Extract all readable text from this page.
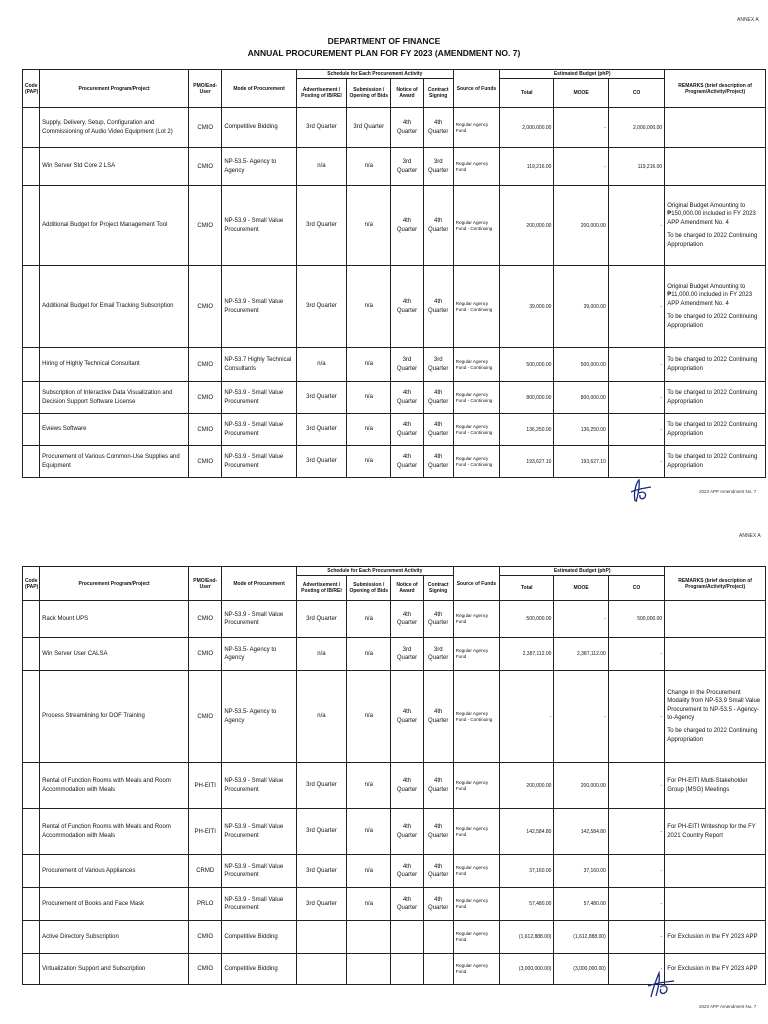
ANNEX A
DEPARTMENT OF FINANCE
ANNUAL PROCUREMENT PLAN FOR FY 2023 (AMENDMENT NO. 7)
Code (PAP)	Procurement Program/Project	PMO/End-User	Mode of Procurement	Schedule for Each Procurement Activity				Source of Funds	Estimated Budget (phP)			REMARKS (brief description of Program/Activity/Project)
				Advertisement / Posting of IB/REI	Submission / Opening of Bids	Notice of Award	Contract Signing		Total	MOOE	CO	
	Supply, Delivery, Setup, Configuration and Commissioning of Audio Video Equipment (Lot 2)	CMIO	Competitive Bidding	3rd Quarter	3rd Quarter	4th Quarter	4th Quarter	Regular Agency Fund	2,000,000.00	-	2,000,000.00	
	Win Server Std Core 2 LSA	CMIO	NP-53.5- Agency to Agency	n/a	n/a	3rd Quarter	3rd Quarter	Regular Agency Fund	119,216.00	-	119,216.00	
	Additional Budget for Project Management Tool	CMIO	NP-53.9 - Small Value Procurement	3rd Quarter	n/a	4th Quarter	4th Quarter	Regular Agency Fund - Continuing	200,000.00	200,000.00	-	Original Budget Amounting to ₱150,000.00 included in FY 2023 APP Amendment No. 4
To be charged to 2022 Continuing Appropriation

	Additional Budget for Email Tracking Subscription	CMIO	NP-53.9 - Small Value Procurement	3rd Quarter	n/a	4th Quarter	4th Quarter	Regular Agency Fund - Continuing	39,000.00	39,000.00	-	Original Budget Amounting to ₱11,000.00 included in FY 2023 APP Amendment No. 4
To be charged to 2022 Continuing Appropriation

	Hiring of Highly Technical Consultant	CMIO	NP-53.7 Highly Technical Consultants	n/a	n/a	3rd Quarter	3rd Quarter	Regular Agency Fund - Continuing	500,000.00	500,000.00	-	To be charged to 2022 Continuing Appropriation

	Subscription of Interactive Data Visualization and Decision Support Software License	CMIO	NP-53.9 - Small Value Procurement	3rd Quarter	n/a	4th Quarter	4th Quarter	Regular Agency Fund - Continuing	800,000.00	800,000.00	-	To be charged to 2022 Continuing Appropriation

	Eviews Software	CMIO	NP-53.9 - Small Value Procurement	3rd Quarter	n/a	4th Quarter	4th Quarter	Regular Agency Fund - Continuing	136,250.00	136,250.00	-	To be charged to 2022 Continuing Appropriation

	Procurement of Various Common-Use Supplies and Equipment	CMIO	NP-53.9 - Small Value Procurement	3rd Quarter	n/a	4th Quarter	4th Quarter	Regular Agency Fund - Continuing	193,627.10	193,627.10	-	To be charged to 2022 Continuing Appropriation
2023 APP Amendment No. 7
ANNEX A
Code (PAP)	Procurement Program/Project	PMO/End-User	Mode of Procurement	Schedule for Each Procurement Activity				Source of Funds	Estimated Budget (phP)			REMARKS (brief description of Program/Activity/Project)
				Advertisement / Posting of IB/REI	Submission / Opening of Bids	Notice of Award	Contract Signing		Total	MOOE	CO	
	Rack Mount UPS	CMIO	NP-53.9 - Small Value Procurement	3rd Quarter	n/a	4th Quarter	4th Quarter	Regular Agency Fund	500,000.00	-	500,000.00	
	Win Server User CALSA	CMIO	NP-53.5- Agency to Agency	n/a	n/a	3rd Quarter	3rd Quarter	Regular Agency Fund	2,387,112.00	2,387,112.00	-	
	Process Streamlining for DOF Training	CMIO	NP-53.5- Agency to Agency	n/a	n/a	4th Quarter	4th Quarter	Regular Agency Fund - Continuing	-	-	-	Change in the Procurement Modality from NP-53.9 Small Value Procurement to NP-53.5 - Agency-to-Agency
To be charged to 2022 Continuing Appropriation

	Rental of Function Rooms with Meals and Room Accommodation with Meals	PH-EITI	NP-53.9 - Small Value Procurement	3rd Quarter	n/a	4th Quarter	4th Quarter	Regular Agency Fund	200,000.00	200,000.00	-	For PH-EITI Multi-Stakeholder Group (MSG) Meetings

	Rental of Function Rooms with Meals and Room Accommodation with Meals	PH-EITI	NP-53.9 - Small Value Procurement	3rd Quarter	n/a	4th Quarter	4th Quarter	Regular Agency Fund	142,584.80	142,584.80	-	For PH-EITI Writeshop for the FY 2021 Country Report

	Procurement of Various Appliances	CRMD	NP-53.9 - Small Value Procurement	3rd Quarter	n/a	4th Quarter	4th Quarter	Regular Agency Fund	37,160.00	37,160.00	-	
	Procurement of Books and Face Mask	PRLO	NP-53.9 - Small Value Procurement	3rd Quarter	n/a	4th Quarter	4th Quarter	Regular Agency Fund	57,480.00	57,480.00	-	
	Active Directory Subscription	CMIO	Competitive Bidding					Regular Agency Fund	(1,612,888.00)	(1,612,888.00)	-	For Exclusion in the FY 2023 APP

	Virtualization Support and Subscription	CMIO	Competitive Bidding					Regular Agency Fund	(3,000,000.00)	(3,000,000.00)	-	For Exclusion in the FY 2023 APP
2023 APP Amendment No. 7
